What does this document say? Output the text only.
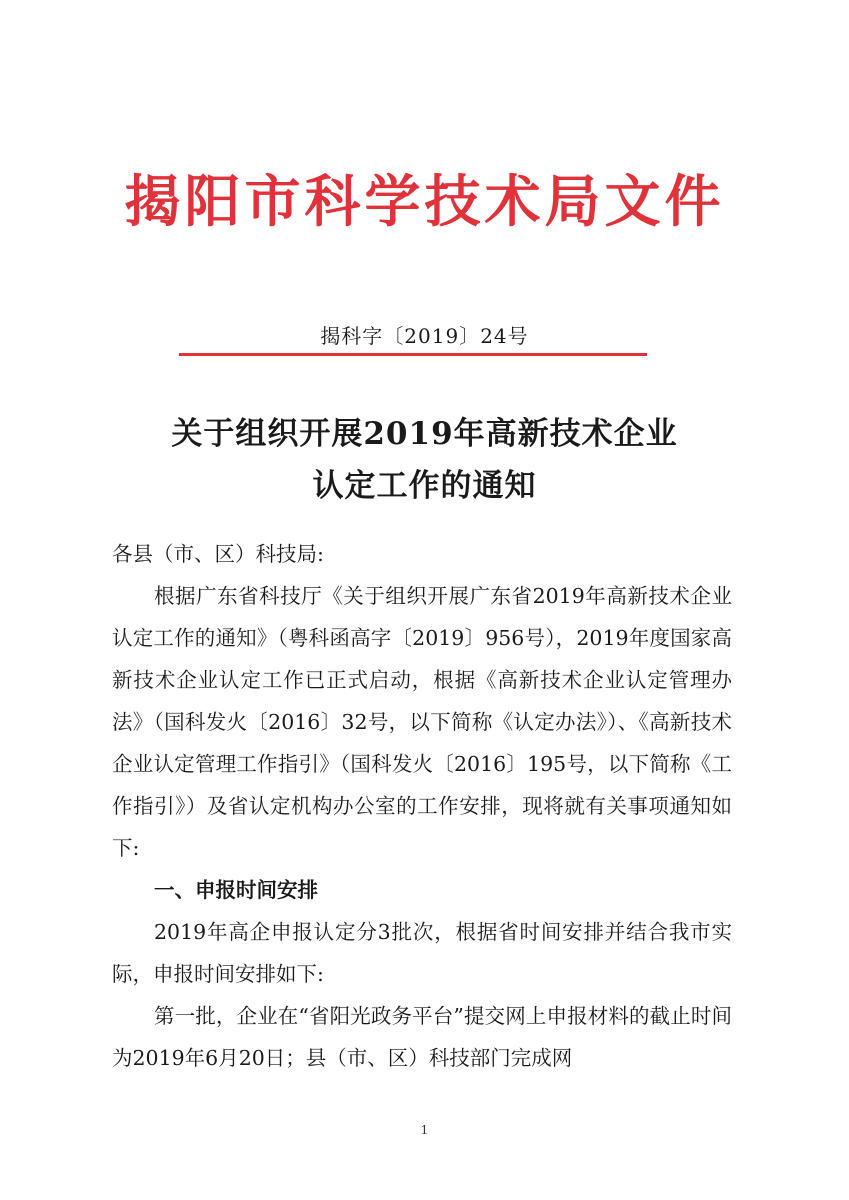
揭阳市科学技术局文件
揭科字〔2019〕24号
关于组织开展2019年高新技术企业
认定工作的通知

各县（市、区）科技局:

根据广东省科技厅《关于组织开展广东省2019年高新技术企业认定工作的通知》（粤科函高字〔2019〕956号），2019年度国家高新技术企业认定工作已正式启动，根据《高新技术企业认定管理办法》（国科发火〔2016〕32号，以下简称《认定办法》）、《高新技术企业认定管理工作指引》（国科发火〔2016〕195号，以下简称《工作指引》）及省认定机构办公室的工作安排，现将就有关事项通知如下:

一、申报时间安排

2019年高企申报认定分3批次，根据省时间安排并结合我市实际，申报时间安排如下:

第一批，企业在“省阳光政务平台”提交网上申报材料的截止时间为2019年6月20日；县（市、区）科技部门完成网

1
